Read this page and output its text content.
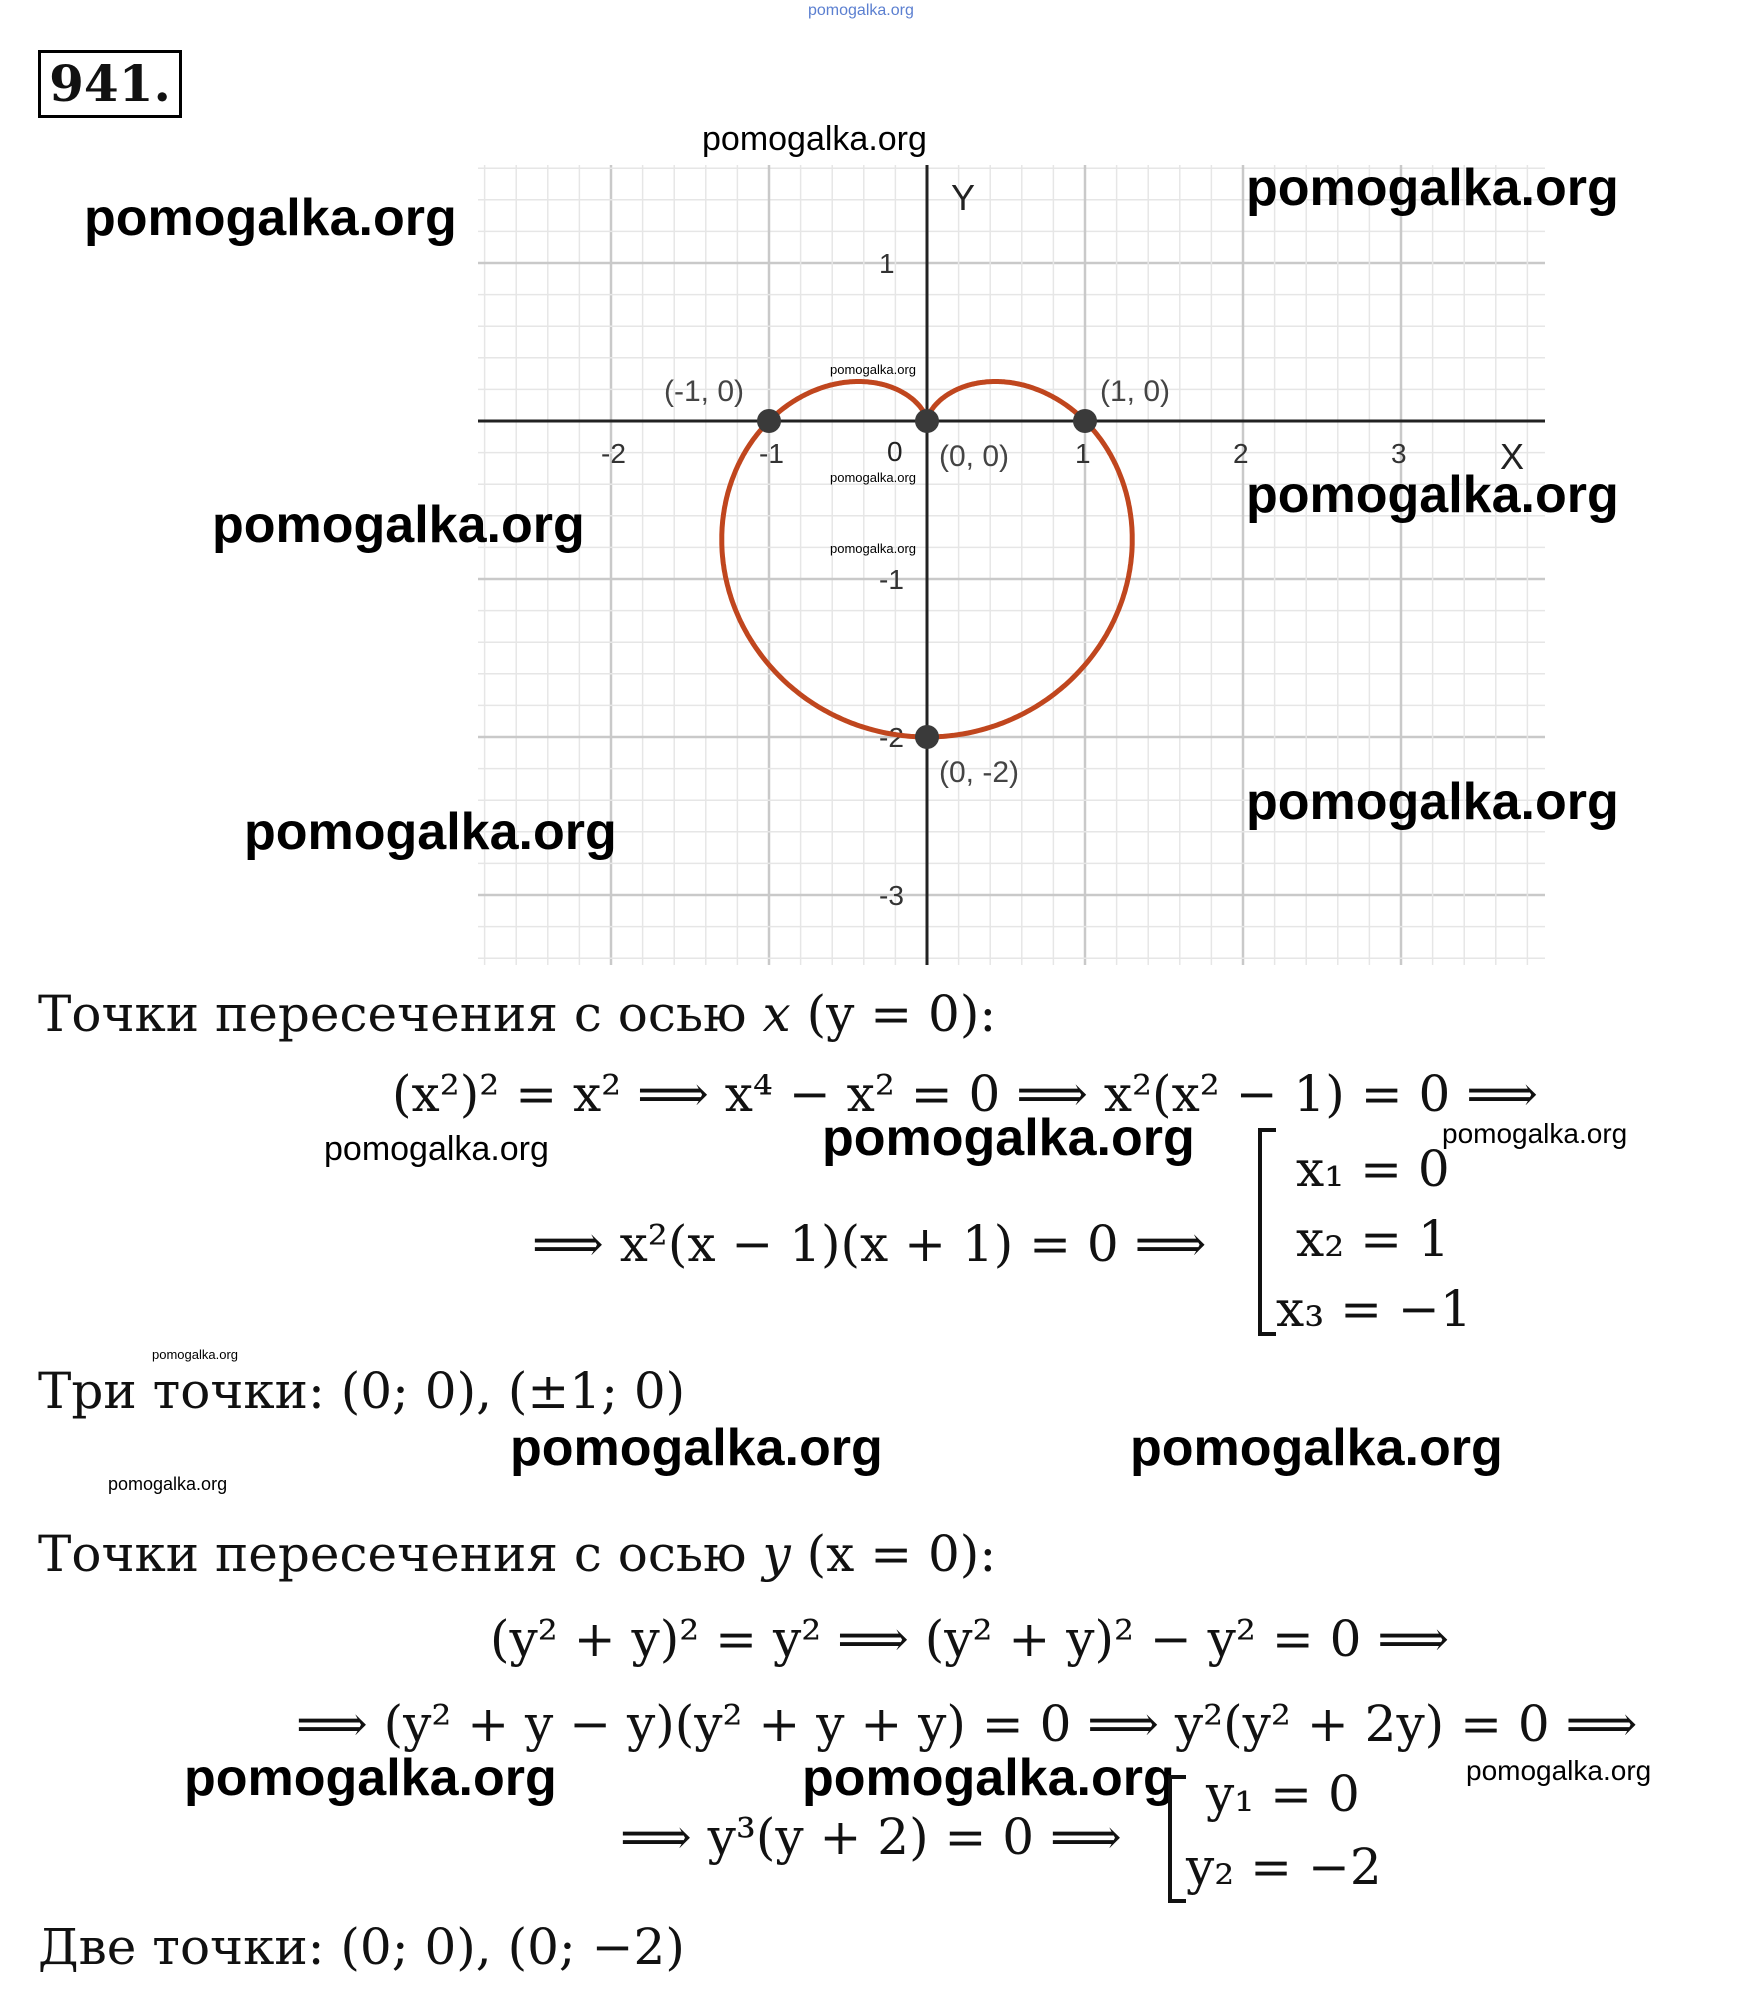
pomogalka.org
941.
-2	-1	1	2	3
1
-1
-2
-3
(-1, 0)
(0, 0)
(1, 0)
(0, -2)
X
Y
0
pomogalka.org
pomogalka.org
pomogalka.org
pomogalka.org
pomogalka.org
pomogalka.org
pomogalka.org
pomogalka.org
pomogalka.org
pomogalka.org
Точки пересечения с осью x (y = 0):
(x²)² = x² ⟹ x⁴ − x² = 0 ⟹ x²(x² − 1) = 0 ⟹
pomogalka.org	pomogalka.org	pomogalka.org
⟹ x²(x − 1)(x + 1) = 0 ⟹
x₁ = 0
x₂ = 1
x₃ = −1
pomogalka.org
Три точки: (0; 0), (±1; 0)
pomogalka.org	pomogalka.org
pomogalka.org
Точки пересечения с осью y (x = 0):
(y² + y)² = y² ⟹ (y² + y)² − y² = 0 ⟹
⟹ (y² + y − y)(y² + y + y) = 0 ⟹ y²(y² + 2y) = 0 ⟹
pomogalka.org	pomogalka.org	pomogalka.org
⟹ y³(y + 2) = 0 ⟹
y₁ = 0
y₂ = −2
Две точки: (0; 0), (0; −2)
